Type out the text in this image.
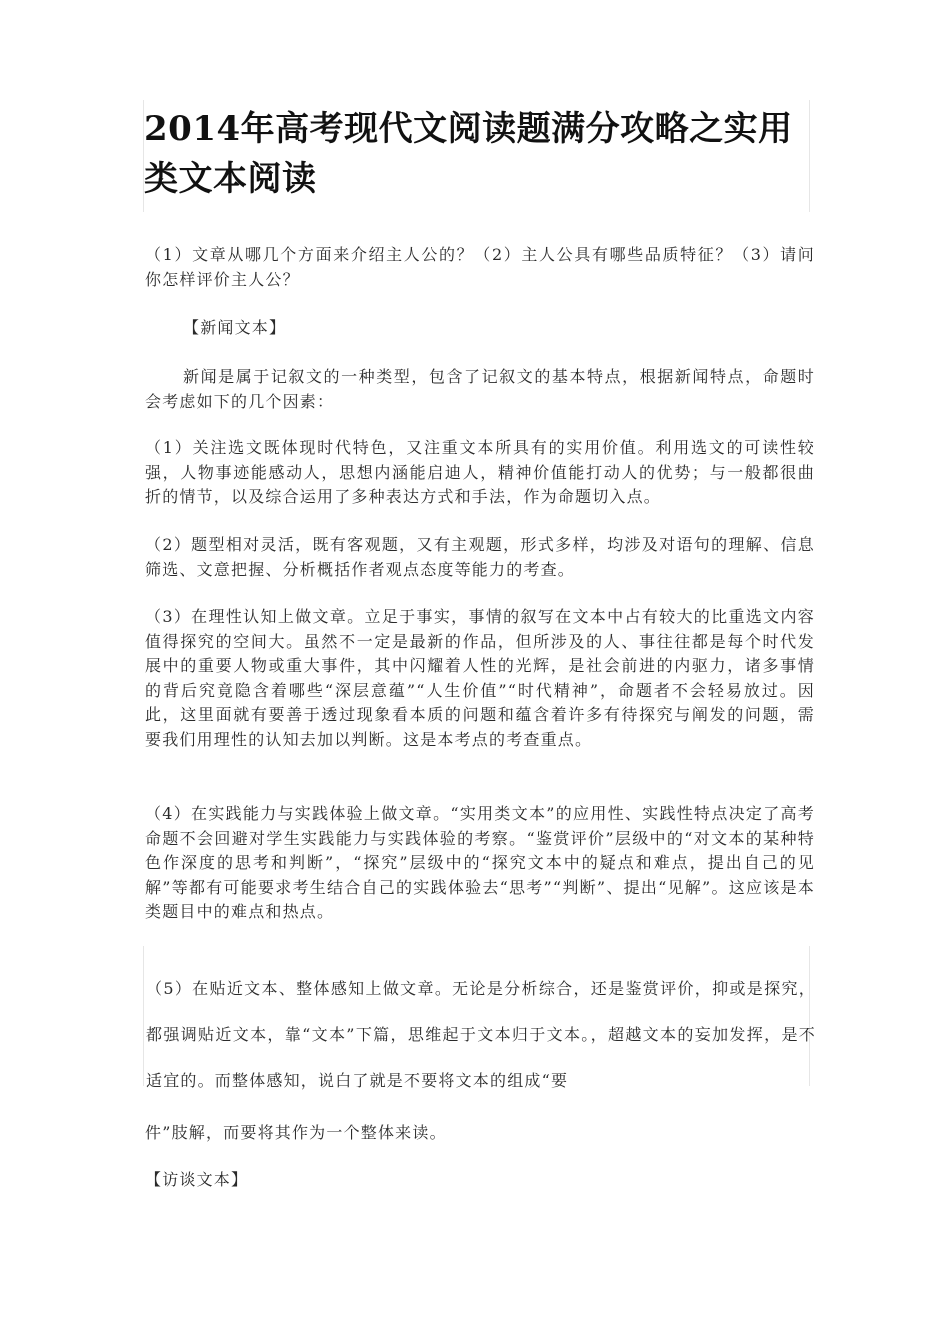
2014年高考现代文阅读题满分攻略之实用类文本阅读

（1）文章从哪几个方面来介绍主人公的？（2）主人公具有哪些品质特征？（3）请问你怎样评价主人公？

【新闻文本】

新闻是属于记叙文的一种类型，包含了记叙文的基本特点，根据新闻特点，命题时会考虑如下的几个因素：

（1）关注选文既体现时代特色，又注重文本所具有的实用价值。利用选文的可读性较强，人物事迹能感动人，思想内涵能启迪人，精神价值能打动人的优势；与一般都很曲折的情节，以及综合运用了多种表达方式和手法，作为命题切入点。

（2）题型相对灵活，既有客观题，又有主观题，形式多样，均涉及对语句的理解、信息筛选、文意把握、分析概括作者观点态度等能力的考查。

（3）在理性认知上做文章。立足于事实，事情的叙写在文本中占有较大的比重选文内容值得探究的空间大。虽然不一定是最新的作品，但所涉及的人、事往往都是每个时代发展中的重要人物或重大事件，其中闪耀着人性的光辉，是社会前进的内驱力，诸多事情的背后究竟隐含着哪些“深层意蕴”“人生价值”“时代精神”，命题者不会轻易放过。因此，这里面就有要善于透过现象看本质的问题和蕴含着许多有待探究与阐发的问题，需要我们用理性的认知去加以判断。这是本考点的考查重点。

（4）在实践能力与实践体验上做文章。“实用类文本”的应用性、实践性特点决定了高考命题不会回避对学生实践能力与实践体验的考察。“鉴赏评价”层级中的“对文本的某种特色作深度的思考和判断”，“探究”层级中的“探究文本中的疑点和难点，提出自己的见解”等都有可能要求考生结合自己的实践体验去“思考”“判断”、提出“见解”。这应该是本类题目中的难点和热点。

（5）在贴近文本、整体感知上做文章。无论是分析综合，还是鉴赏评价，抑或是探究，都强调贴近文本，靠“文本”下篇，思维起于文本归于文本。，超越文本的妄加发挥，是不适宜的。而整体感知，说白了就是不要将文本的组成“要

件”肢解，而要将其作为一个整体来读。

【访谈文本】
